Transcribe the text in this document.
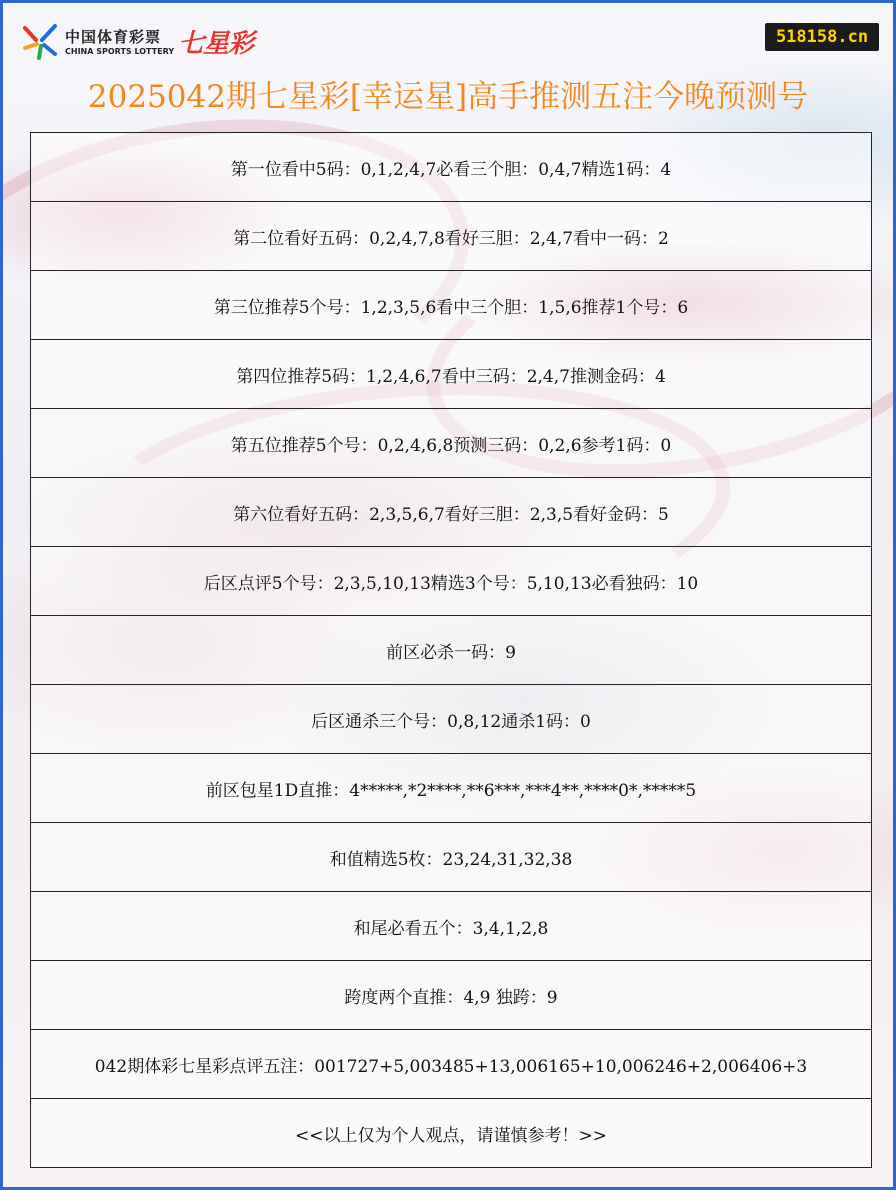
中国体育彩票
CHINA SPORTS LOTTERY 七星彩	518158.cn
2025042期七星彩[幸运星]高手推测五注今晚预测号
第一位看中5码：0,1,2,4,7必看三个胆：0,4,7精选1码：4
第二位看好五码：0,2,4,7,8看好三胆：2,4,7看中一码：2
第三位推荐5个号：1,2,3,5,6看中三个胆：1,5,6推荐1个号：6
第四位推荐5码：1,2,4,6,7看中三码：2,4,7推测金码：4
第五位推荐5个号：0,2,4,6,8预测三码：0,2,6参考1码：0
第六位看好五码：2,3,5,6,7看好三胆：2,3,5看好金码：5
后区点评5个号：2,3,5,10,13精选3个号：5,10,13必看独码：10
前区必杀一码：9
后区通杀三个号：0,8,12通杀1码：0
前区包星1D直推：4*****,*2****,**6***,***4**,****0*,*****5
和值精选5枚：23,24,31,32,38
和尾必看五个：3,4,1,2,8
跨度两个直推：4,9 独跨：9
042期体彩七星彩点评五注：001727+5,003485+13,006165+10,006246+2,006406+3
<<以上仅为个人观点，请谨慎参考！>>
